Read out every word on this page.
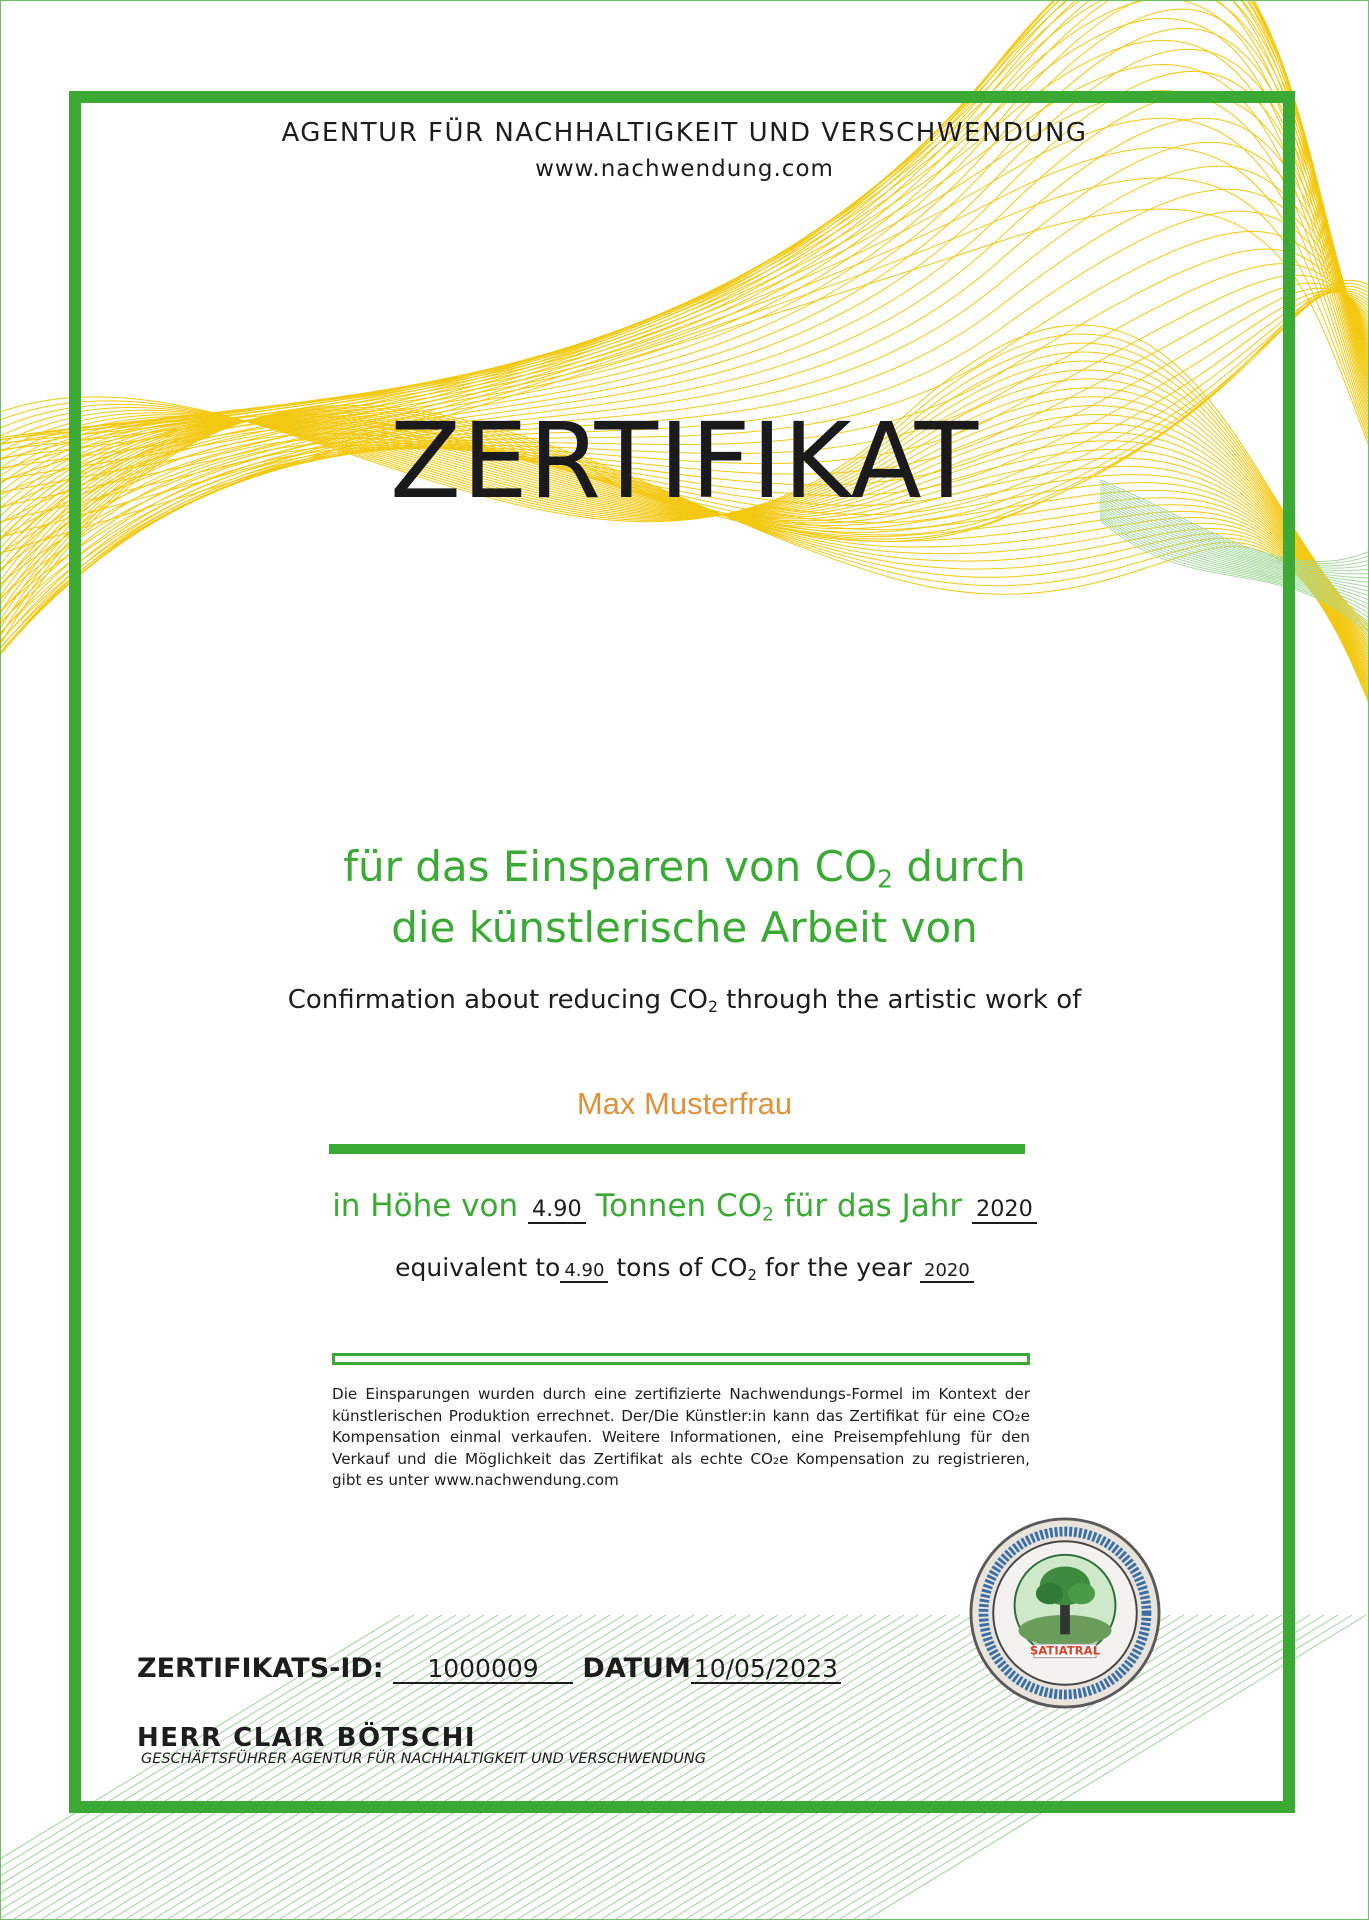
AGENTUR FÜR NACHHALTIGKEIT UND VERSCHWENDUNG
www.nachwendung.com
ZERTIFIKAT
für das Einsparen von CO2 durch
die künstlerische Arbeit von
Confirmation about reducing CO2 through the artistic work of
Max Musterfrau
in Höhe von 4.90 Tonnen CO2 für das Jahr 2020
equivalent to 4.90 tons of CO2 for the year 2020
Die Einsparungen wurden durch eine zertifizierte Nachwendungs-Formel im Kontext der künstlerischen Produktion errechnet. Der/Die Künstler:in kann das Zertifikat für eine CO₂e Kompensation einmal verkaufen. Weitere Informationen, eine Preisempfehlung für den Verkauf und die Möglichkeit das Zertifikat als echte CO₂e Kompensation zu registrieren, gibt es unter www.nachwendung.com
SATIATRAL
ZERTIFIKATS-ID: 1000009 DATUM 10/05/2023
HERR CLAIR BÖTSCHI
GESCHÄFTSFÜHRER AGENTUR FÜR NACHHALTIGKEIT UND VERSCHWENDUNG
